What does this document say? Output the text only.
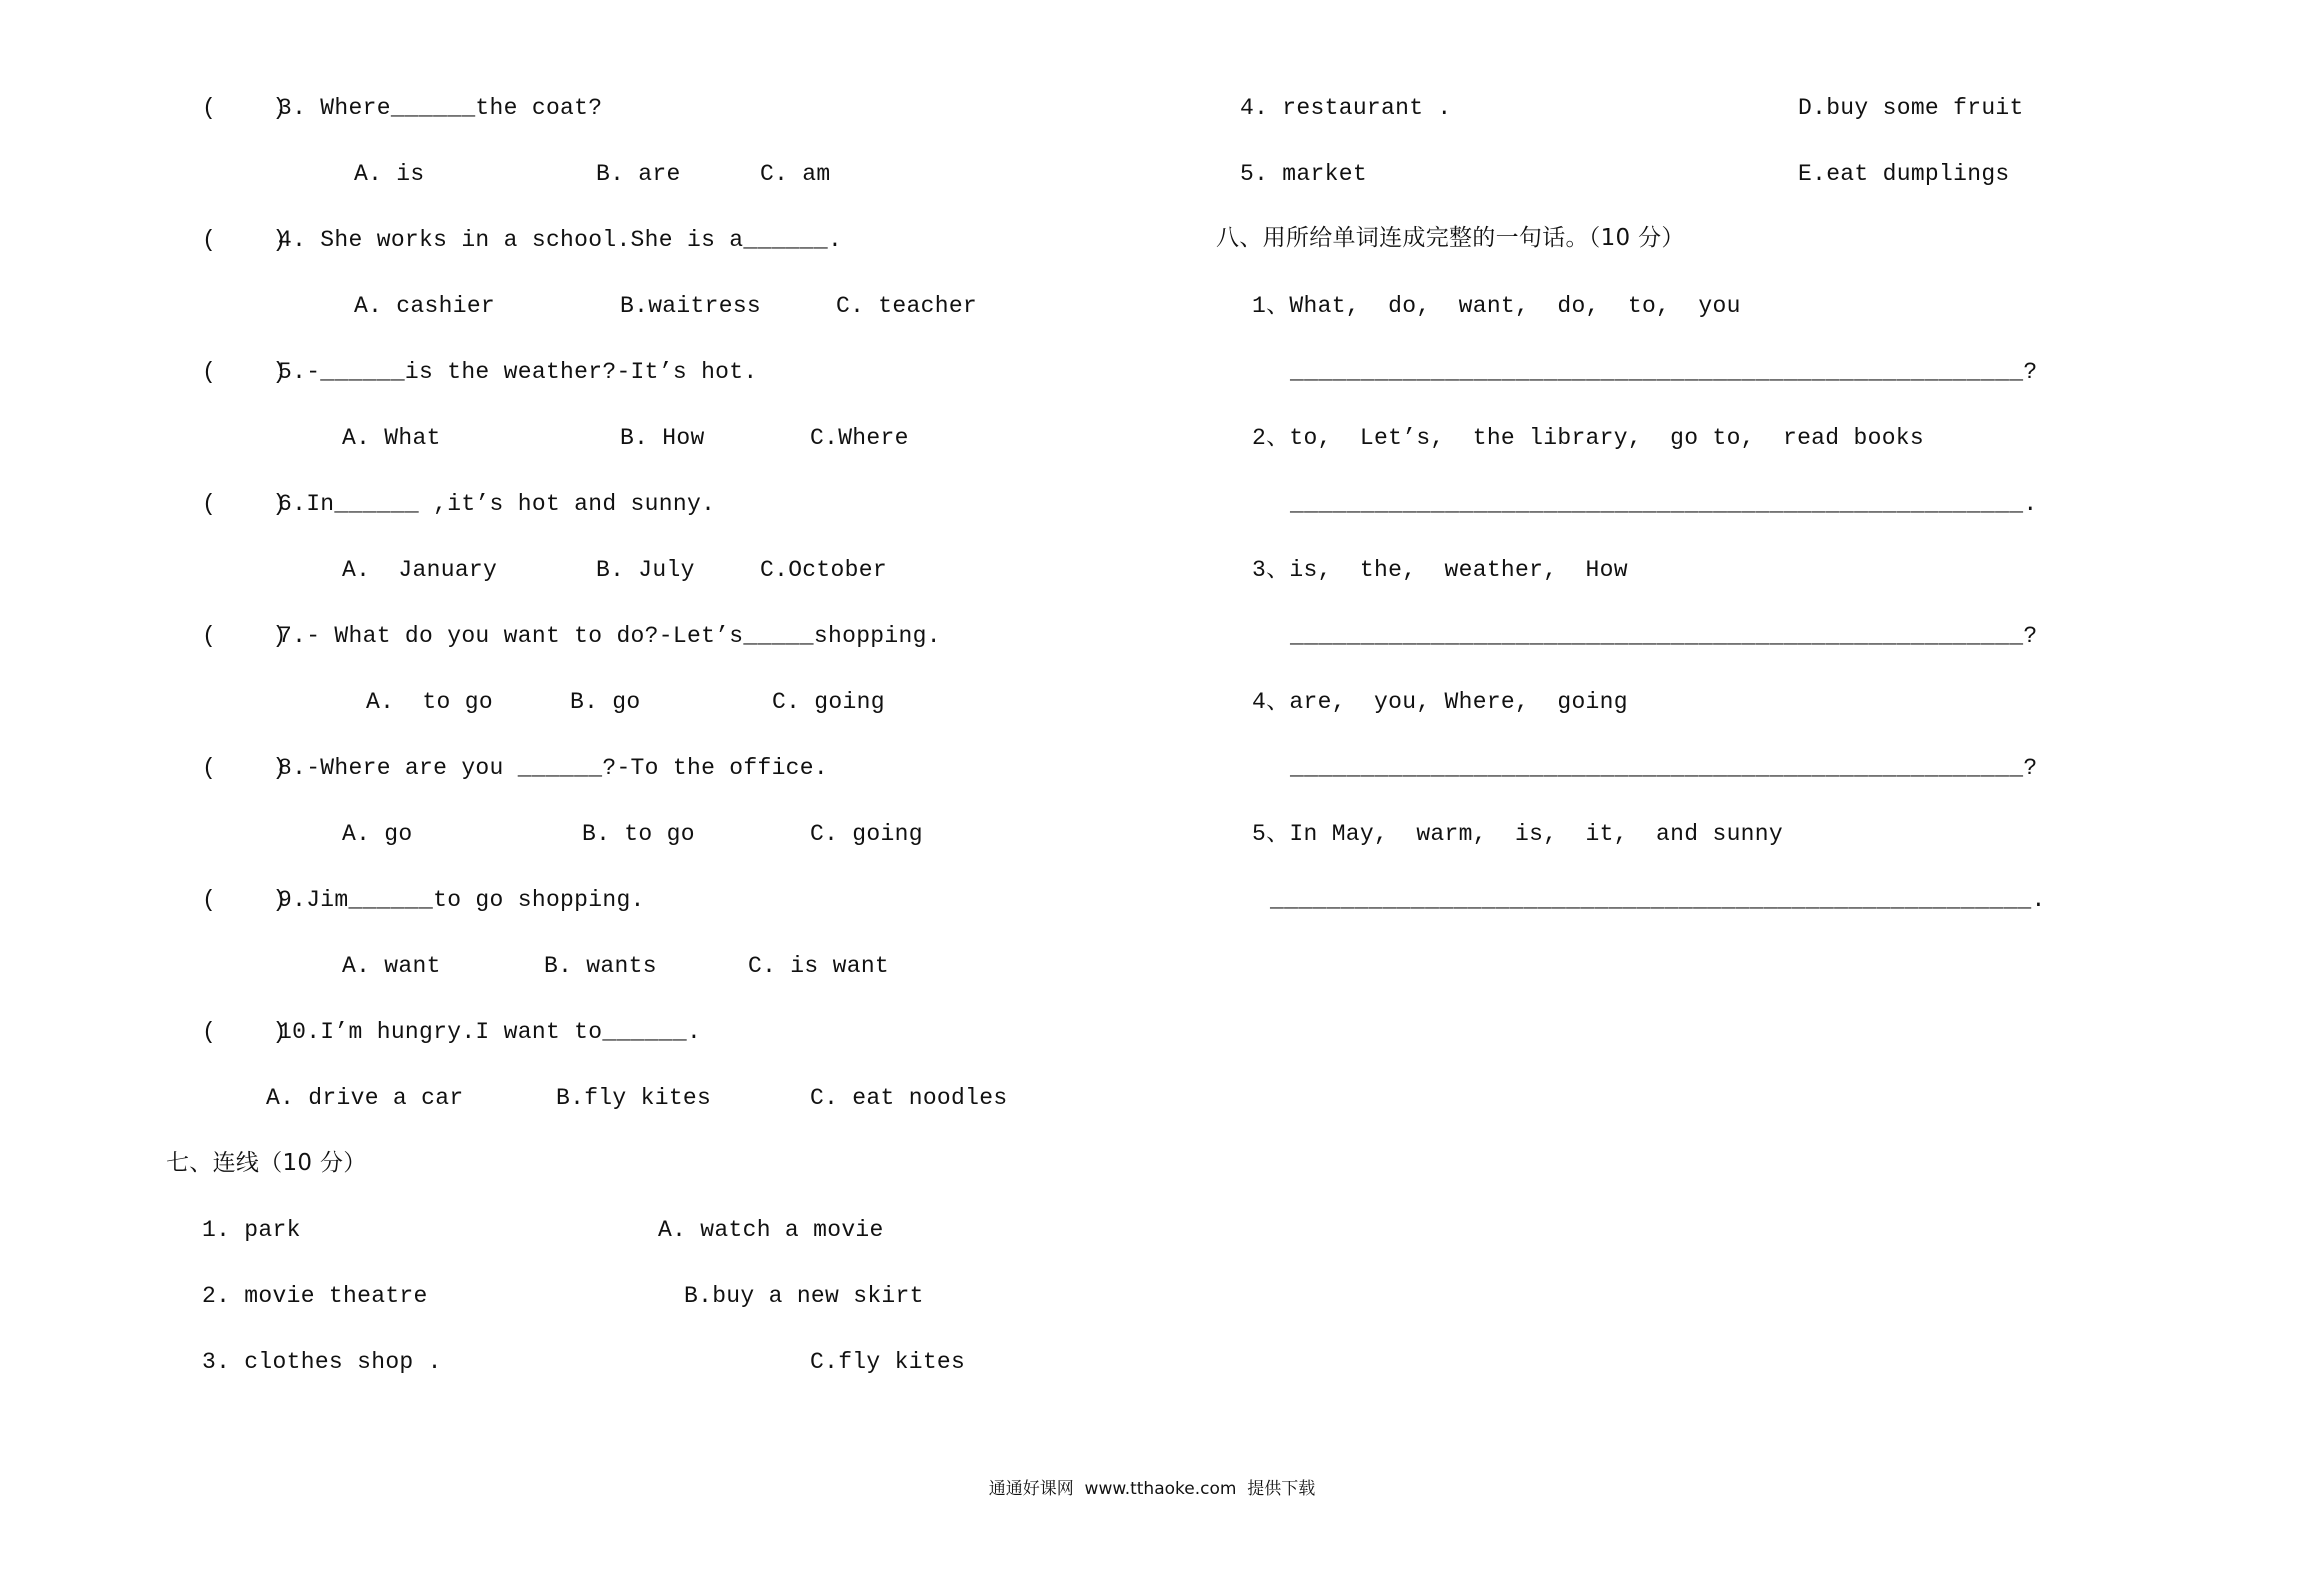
(    )
3. Where______the coat?
A. is	B. are	C. am
(    )
4. She works in a school.She is a______.
A. cashier	B.waitress	C. teacher
(    )
5.-______is the weather?-It’s hot.
A. What	B. How	C.Where
(    )
6.In______ ,it’s hot and sunny.
A.  January	B. July	C.October
(    )
7.- What do you want to do?-Let’s_____shopping.
A.  to go	B. go	C. going
(    )
8.-Where are you ______?-To the office.
A. go	B. to go	C. going
(    )
9.Jim______to go shopping.
A. want	B. wants	C. is want
(    )
10.I’m hungry.I want to______.
A. drive a car	B.fly kites	C. eat noodles
七、连线（10 分）
1. park	A. watch a movie
2. movie theatre	B.buy a new skirt
3. clothes shop .	C.fly kites
4. restaurant .	D.buy some fruit
5. market	E.eat dumplings
八、用所给单词连成完整的一句话。（10 分）
1、What,  do,  want,  do,  to,  you
____________________________________________________?
2、to,  Let’s,  the library,  go to,  read books
____________________________________________________.
3、is,  the,  weather,  How
____________________________________________________?
4、are,  you, Where,  going
____________________________________________________?
5、In May,  warm,  is,  it,  and sunny
______________________________________________________.
通通好课网  www.tthaoke.com  提供下载
